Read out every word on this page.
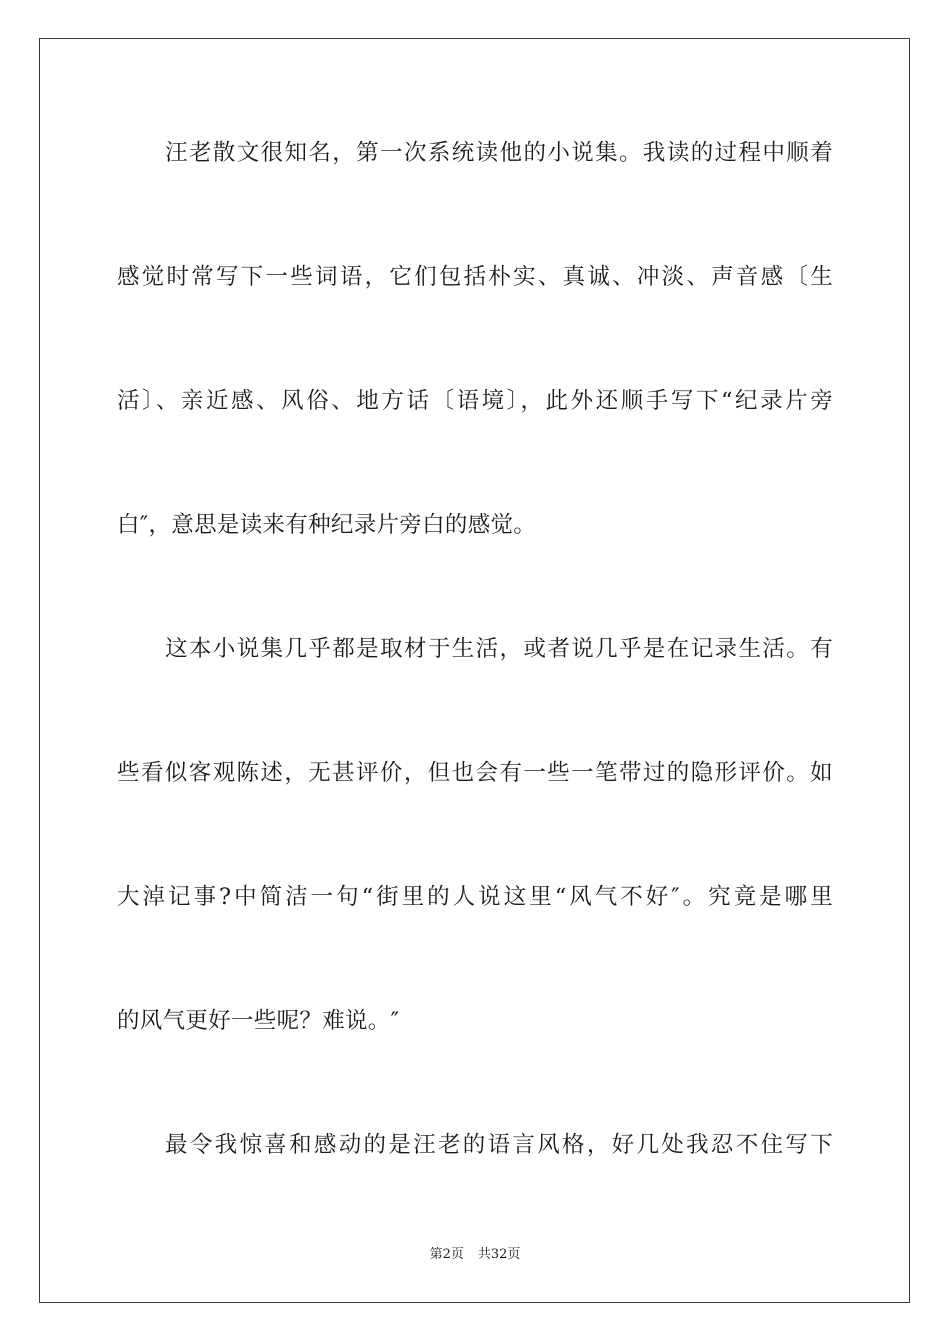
汪老散文很知名，第一次系统读他的小说集。我读的过程中顺着

感觉时常写下一些词语，它们包括朴实、真诚、冲淡、声音感〔生

活〕、亲近感、风俗、地方话〔语境〕，此外还顺手写下“纪录片旁

白″，意思是读来有种纪录片旁白的感觉。

这本小说集几乎都是取材于生活，或者说几乎是在记录生活。有

些看似客观陈述，无甚评价，但也会有一些一笔带过的隐形评价。如

大淖记事?中简洁一句“街里的人说这里“风气不好″。究竟是哪里

的风气更好一些呢？难说。″

最令我惊喜和感动的是汪老的语言风格，好几处我忍不住写下

第2页 共32页
